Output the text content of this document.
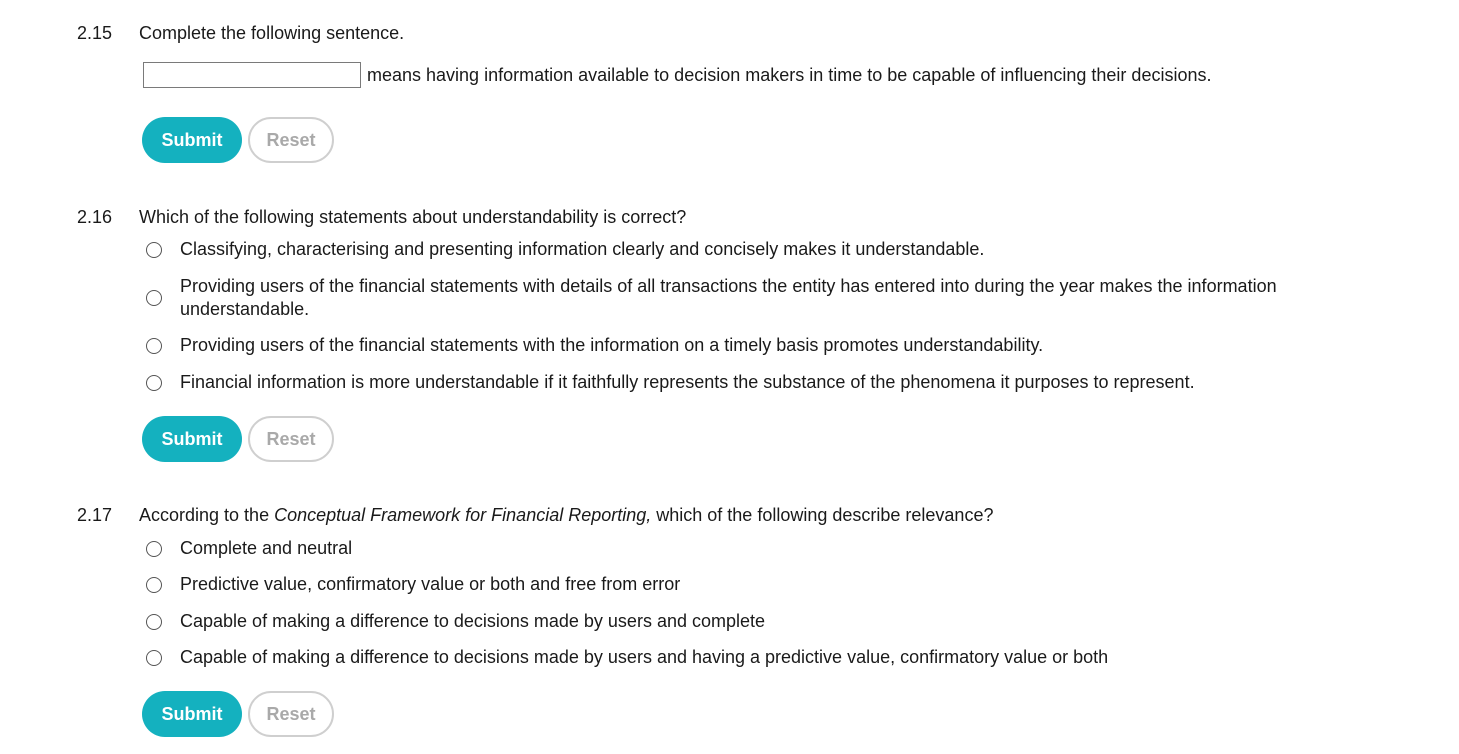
2.15 Complete the following sentence.
means having information available to decision makers in time to be capable of influencing their decisions.
Submit	Reset
2.16 Which of the following statements about understandability is correct?
Classifying, characterising and presenting information clearly and concisely makes it understandable.
Providing users of the financial statements with details of all transactions the entity has entered into during the year makes the information understandable.
Providing users of the financial statements with the information on a timely basis promotes understandability.
Financial information is more understandable if it faithfully represents the substance of the phenomena it purposes to represent.
Submit	Reset
2.17 According to the Conceptual Framework for Financial Reporting, which of the following describe relevance?
Complete and neutral
Predictive value, confirmatory value or both and free from error
Capable of making a difference to decisions made by users and complete
Capable of making a difference to decisions made by users and having a predictive value, confirmatory value or both
Submit	Reset
